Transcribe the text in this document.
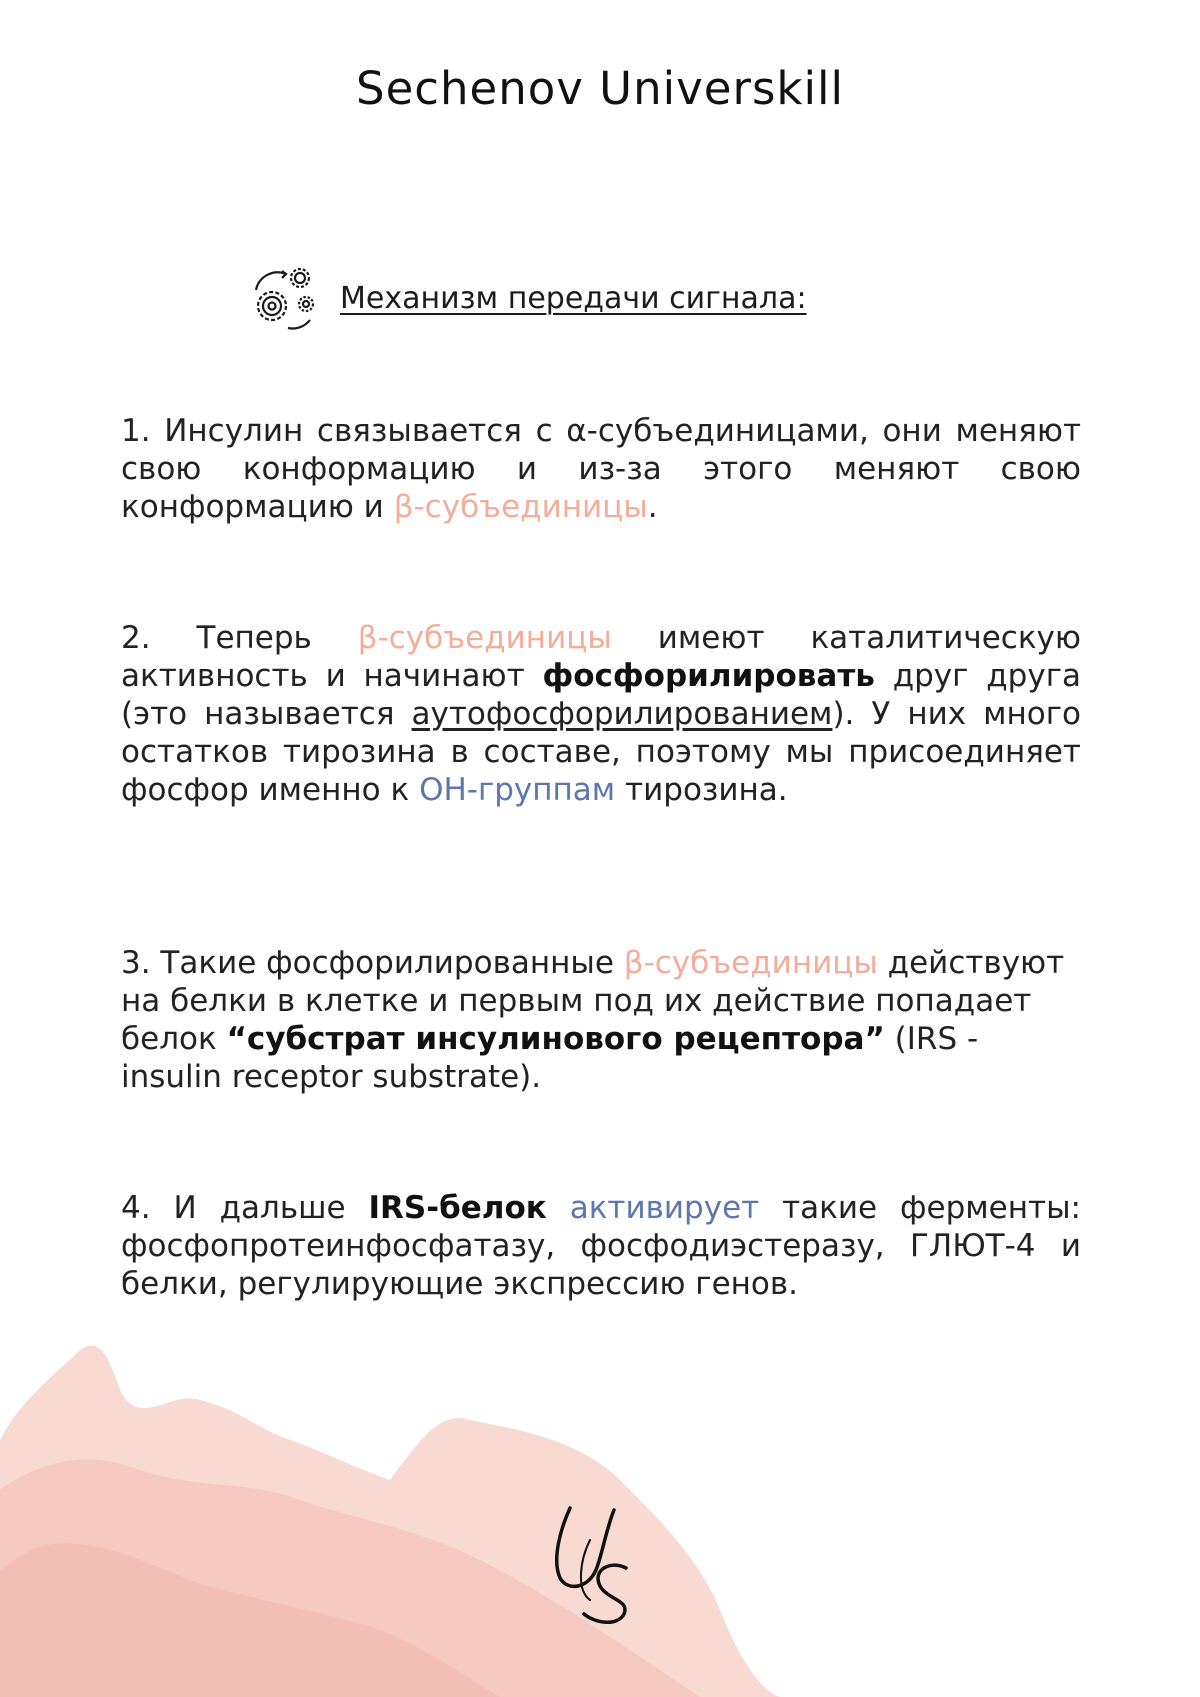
Sechenov Universkill
Механизм передачи сигнала:

1. Инсулин связывается с α-субъединицами, они меняют свою конформацию и из-за этого меняют свою конформацию и β-субъединицы.

2. Теперь β-субъединицы имеют каталитическую активность и начинают фосфорилировать друг друга (это называется аутофосфорилированием). У них много остатков тирозина в составе, поэтому мы присоединяет фосфор именно к OH-группам тирозина.

3. Такие фосфорилированные β-субъединицы действуют на белки в клетке и первым под их действие попадает белок “субстрат инсулинового рецептора” (IRS - insulin receptor substrate).

4. И дальше IRS-белок активирует такие ферменты: фосфопротеинфосфатазу, фосфодиэстеразу, ГЛЮТ-4 и белки, регулирующие экспрессию генов.
